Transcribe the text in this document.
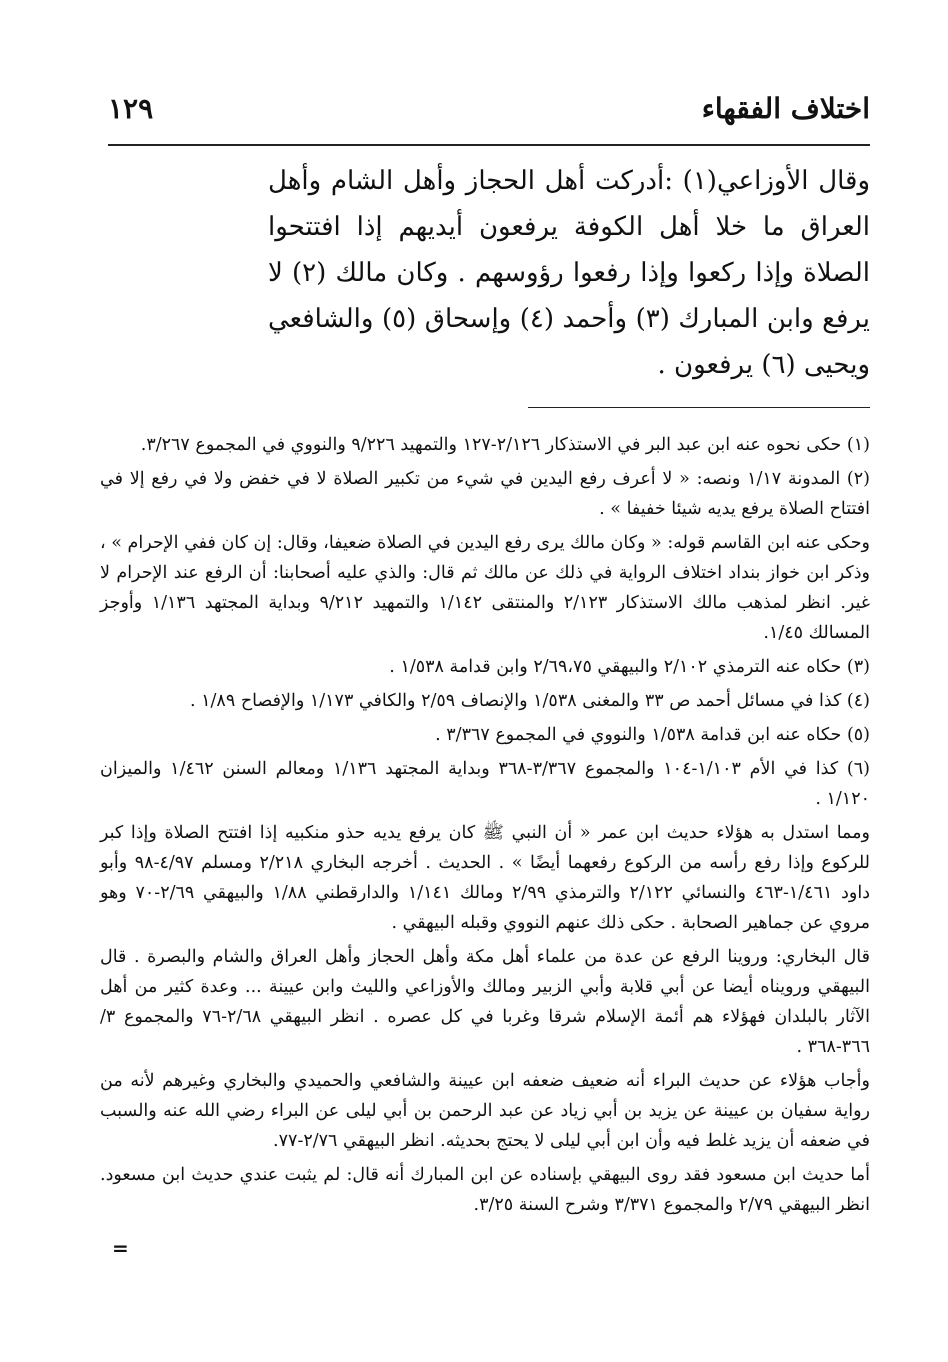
اختلاف الفقهاء
١٢٩

وقال الأوزاعي(١) :أدركت أهل الحجاز وأهل الشام وأهل العراق ما خلا أهل الكوفة يرفعون أيديهم إذا افتتحوا الصلاة وإذا ركعوا وإذا رفعوا رؤوسهم . وكان مالك (٢) لا يرفع وابن المبارك (٣) وأحمد (٤) وإسحاق (٥) والشافعي ويحيى (٦) يرفعون .

(١) حكى نحوه عنه ابن عبد البر في الاستذكار ٢/١٢٦-١٢٧ والتمهيد ٩/٢٢٦ والنووي في المجموع ٣/٢٦٧.

(٢) المدونة ١/١٧ ونصه: « لا أعرف رفع اليدين في شيء من تكبير الصلاة لا في خفض ولا في رفع إلا في افتتاح الصلاة يرفع يديه شيئا خفيفا » .

وحكى عنه ابن القاسم قوله: « وكان مالك يرى رفع اليدين في الصلاة ضعيفا، وقال: إن كان ففي الإحرام » ، وذكر ابن خواز بنداد اختلاف الرواية في ذلك عن مالك ثم قال: والذي عليه أصحابنا: أن الرفع عند الإحرام لا غير. انظر لمذهب مالك الاستذكار ٢/١٢٣ والمنتقى ١/١٤٢ والتمهيد ٩/٢١٢ وبداية المجتهد ١/١٣٦ وأوجز المسالك ١/٤٥.

(٣) حكاه عنه الترمذي ٢/١٠٢ والبيهقي ٢/٦٩،٧٥ وابن قدامة ١/٥٣٨ .

(٤) كذا في مسائل أحمد ص ٣٣ والمغنى ١/٥٣٨ والإنصاف ٢/٥٩ والكافي ١/١٧٣ والإفصاح ١/٨٩ .

(٥) حكاه عنه ابن قدامة ١/٥٣٨ والنووي في المجموع ٣/٣٦٧ .

(٦) كذا في الأم ١/١٠٣-١٠٤ والمجموع ٣/٣٦٧-٣٦٨ وبداية المجتهد ١/١٣٦ ومعالم السنن ١/٤٦٢ والميزان ١/١٢٠ .

ومما استدل به هؤلاء حديث ابن عمر « أن النبي ﷺ كان يرفع يديه حذو منكبيه إذا افتتح الصلاة وإذا كبر للركوع وإذا رفع رأسه من الركوع رفعهما أيضًا » . الحديث . أخرجه البخاري ٢/٢١٨ ومسلم ٤/٩٧-٩٨ وأبو داود ١/٤٦١-٤٦٣ والنسائي ٢/١٢٢ والترمذي ٢/٩٩ ومالك ١/١٤١ والدارقطني ١/٨٨ والبيهقي ٢/٦٩-٧٠ وهو مروي عن جماهير الصحابة . حكى ذلك عنهم النووي وقبله البيهقي .

قال البخاري: وروينا الرفع عن عدة من علماء أهل مكة وأهل الحجاز وأهل العراق والشام والبصرة . قال البيهقي ورويناه أيضا عن أبي قلابة وأبي الزبير ومالك والأوزاعي والليث وابن عيينة ... وعدة كثير من أهل الآثار بالبلدان فهؤلاء هم أئمة الإسلام شرقا وغربا في كل عصره . انظر البيهقي ٢/٦٨-٧٦ والمجموع ٣/ ٣٦٦-٣٦٨ .

وأجاب هؤلاء عن حديث البراء أنه ضعيف ضعفه ابن عيينة والشافعي والحميدي والبخاري وغيرهم لأنه من رواية سفيان بن عيينة عن يزيد بن أبي زياد عن عبد الرحمن بن أبي ليلى عن البراء رضي الله عنه والسبب في ضعفه أن يزيد غلط فيه وأن ابن أبي ليلى لا يحتج بحديثه. انظر البيهقي ٢/٧٦-٧٧.

أما حديث ابن مسعود فقد روى البيهقي بإسناده عن ابن المبارك أنه قال: لم يثبت عندي حديث ابن مسعود. انظر البيهقي ٢/٧٩ والمجموع ٣/٣٧١ وشرح السنة ٣/٢٥.

=
